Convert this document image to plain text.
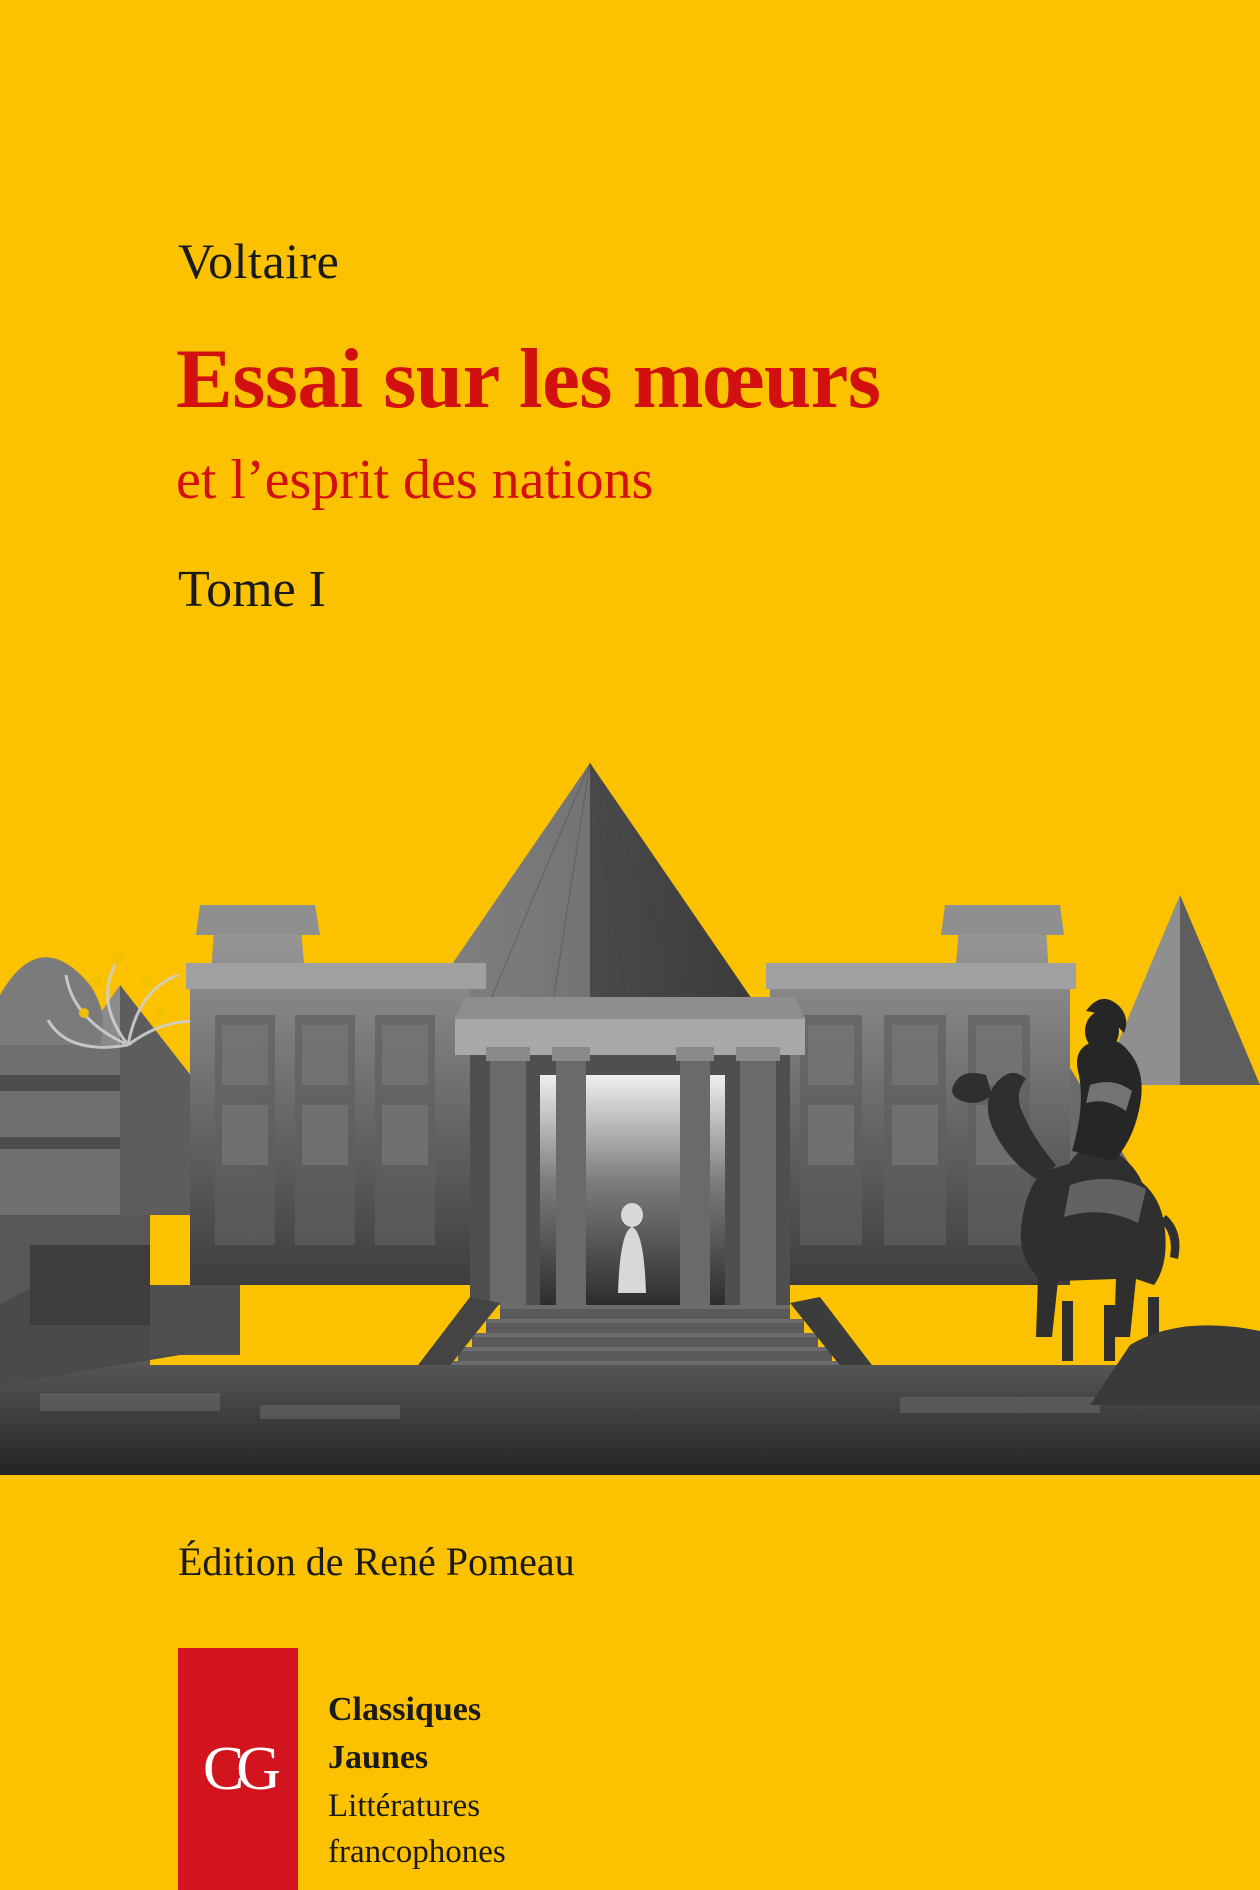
Voltaire
Essai sur les mœurs
et l’esprit des nations
Tome I
Édition de René Pomeau
CG
Classiques
Jaunes
Littératures
francophones
